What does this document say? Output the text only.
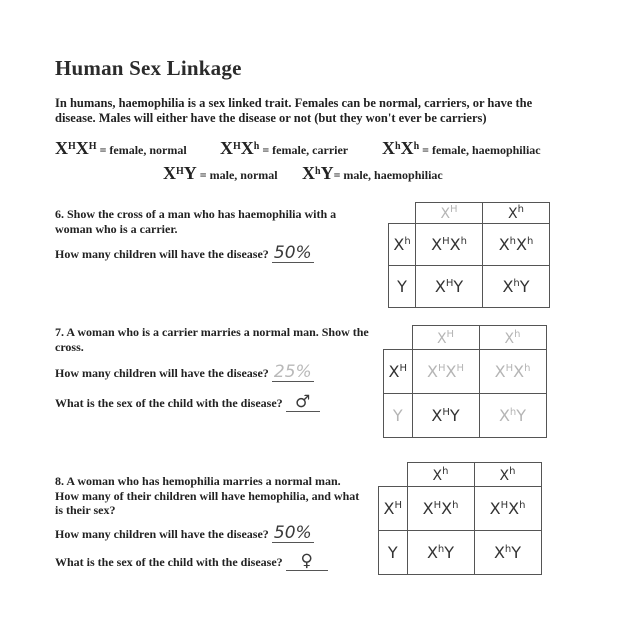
Human Sex Linkage
In humans, haemophilia is a sex linked trait. Females can be normal, carriers, or have the disease. Males will either have the disease or not (but they won't ever be carriers)
$X^HX^H$ = female, normal $X^HX^h$ = female, carrier $X^hX^h$ = female, haemophiliac
$X^HY$ = male, normal $X^hY=$ male, haemophiliac
6. Show the cross of a man who has haemophilia with a woman who is a carrier.
How many children will have the disease? 50%
	$X^H$	$X^h$
$X^h$	$X^HX^h$	$X^hX^h$
Y	$X^HY$	$X^hY$
7. A woman who is a carrier marries a normal man. Show the cross.
How many children will have the disease? 25%
What is the sex of the child with the disease? ♂
	$X^H$	$X^h$
$X^H$	$X^HX^H$	$X^HX^h$
Y	$X^HY$	$X^hY$
8. A woman who has hemophilia marries a normal man. How many of their children will have hemophilia, and what is their sex?
How many children will have the disease? 50%
What is the sex of the child with the disease? ♀
	$X^h$	$X^h$
$X^H$	$X^HX^h$	$X^HX^h$
Y	$X^hY$	$X^hY$
